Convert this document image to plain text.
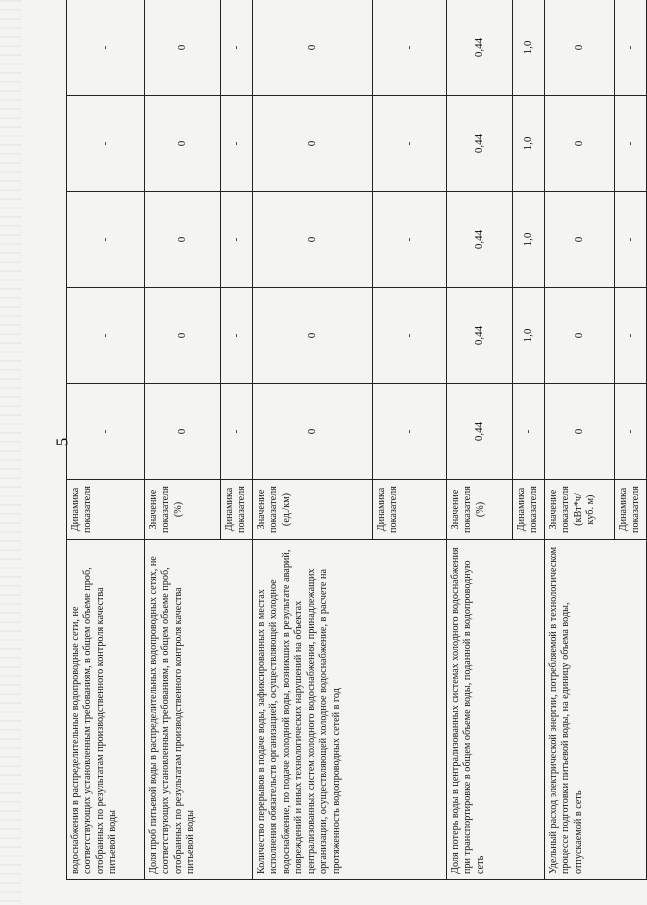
5
водоснабжения в распределительные водопроводные сети, не соответствующих установленным требованиям, в общем объеме проб, отобранных по результатам производственного контроля качества питьевой воды	Динамика показателя	-	-	-	-	-
Доля проб питьевой воды в распределительных водопроводных сетях, не соответствующих установленным требованиям, в общем объеме проб, отобранных по результатам производственного контроля качества питьевой воды	Значение показателя (%)	0	0	0	0	0
	Динамика показателя	-	-	-	-	-
Количество перерывов в подаче воды, зафиксированных в местах исполнения обязательств организацией, осуществляющей холодное водоснабжение, по подаче холодной воды, возникших в результате аварий, повреждений и иных технологических нарушений на объектах централизованных систем холодного водоснабжения, принадлежащих организации, осуществляющей холодное водоснабжение, в расчете на протяженность водопроводных сетей в год	Значение показателя (ед./км)	0	0	0	0	0
	Динамика показателя	-	-	-	-	-
Доля потерь воды в централизованных системах холодного водоснабжения при транспортировке в общем объеме воды, поданной в водопроводную сеть	Значение показателя (%)	0,44	0,44	0,44	0,44	0,44
	Динамика показателя	-	1,0	1,0	1,0	1,0
Удельный расход электрической энергии, потребляемой в технологическом процессе подготовки питьевой воды, на единицу объема воды, отпускаемой в сеть	Значение показателя (кВт*ч/куб. м)	0	0	0	0	0
	Динамика показателя	-	-	-	-	-
